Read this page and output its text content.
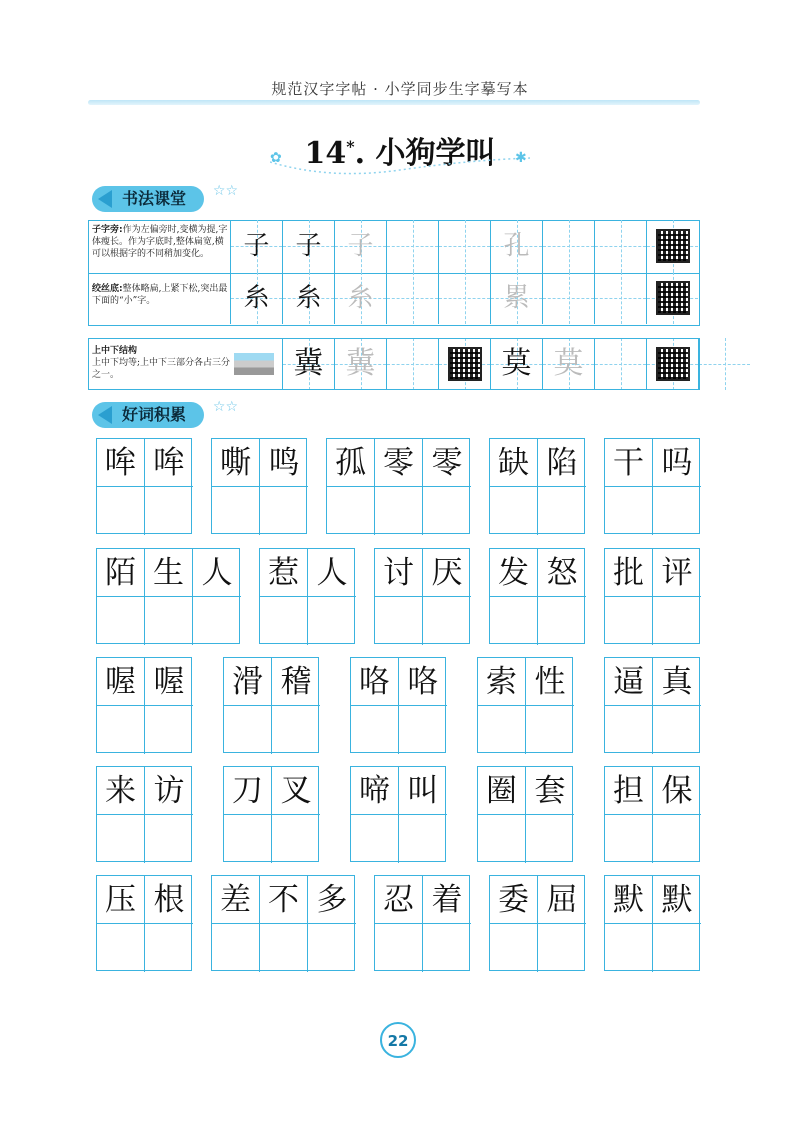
规范汉字字帖 · 小学同步生字摹写本
14*. 小狗学叫
✿	✱
书法课堂 ☆☆
子字旁:作为左偏旁时,变横为提,字体瘦长。作为字底时,整体扁宽,横可以根据字的不同稍加变化。
绞丝底:整体略扁,上紧下松,突出最下面的“小”字。
子 子 子	孔
糸 糸 糸	累
冀 冀	莫 莫
上中下结构
上中下均等;上中下三部分各占三分之一。
好词积累 ☆☆
哞 哞 嘶 鸣 孤 零 零 缺 陷 干 吗
陌 生 人 惹 人 讨 厌 发 怒 批 评
喔 喔 滑 稽 咯 咯 索 性 逼 真
来 访 刀 叉 啼 叫 圈 套 担 保
压 根 差 不 多 忍 着 委 屈 默 默
22
